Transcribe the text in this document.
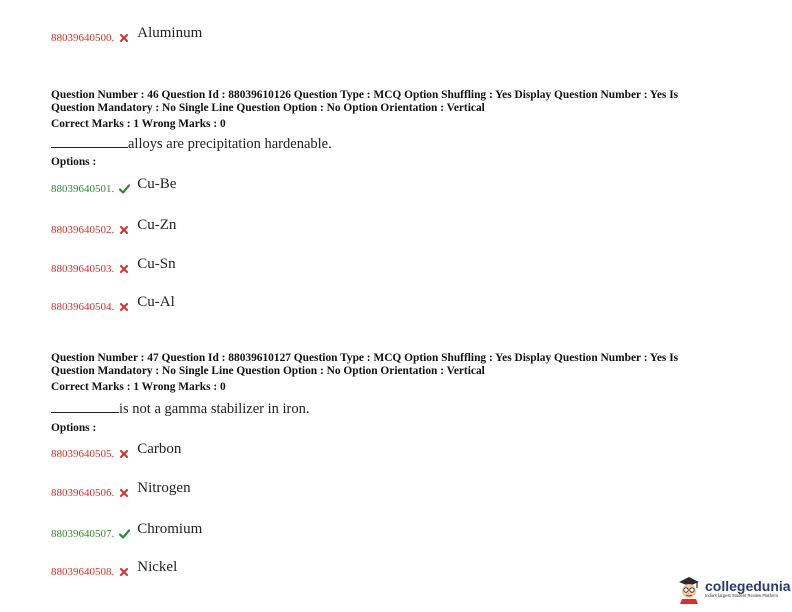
88039640500. Aluminum
Question Number : 46 Question Id : 88039610126 Question Type : MCQ Option Shuffling : Yes Display Question Number : Yes Is
Question Mandatory : No Single Line Question Option : No Option Orientation : Vertical
Correct Marks : 1 Wrong Marks : 0
alloys are precipitation hardenable.
Options :
88039640501. Cu-Be
88039640502. Cu-Zn
88039640503. Cu-Sn
88039640504. Cu-Al
Question Number : 47 Question Id : 88039610127 Question Type : MCQ Option Shuffling : Yes Display Question Number : Yes Is
Question Mandatory : No Single Line Question Option : No Option Orientation : Vertical
Correct Marks : 1 Wrong Marks : 0
is not a gamma stabilizer in iron.
Options :
88039640505. Carbon
88039640506. Nitrogen
88039640507. Chromium
88039640508. Nickel
collegedunia
India's largest Student Review Platform
